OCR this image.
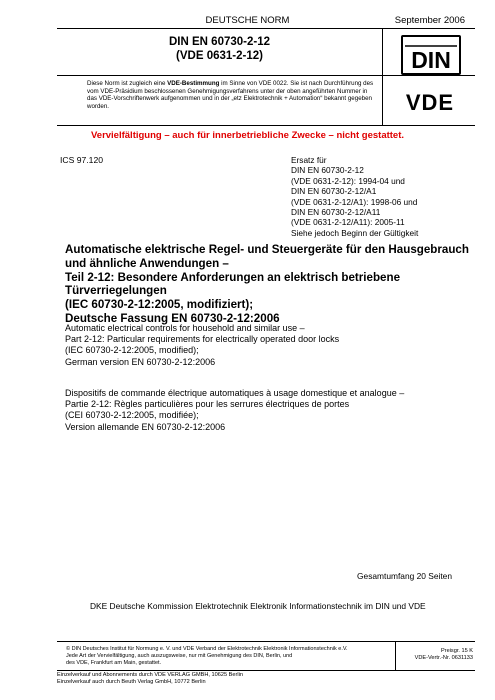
DEUTSCHE NORM	September 2006
DIN EN 60730-2-12
(VDE 0631-2-12)
Diese Norm ist zugleich eine VDE-Bestimmung im Sinne von VDE 0022. Sie ist nach Durchführung des vom VDE-Präsidium beschlossenen Genehmigungsverfahrens unter der oben angeführten Nummer in das VDE-Vorschriftenwerk aufgenommen und in der „etz Elektrotechnik + Automation“ bekannt gegeben worden.
DIN
VDE
Vervielfältigung – auch für innerbetriebliche Zwecke – nicht gestattet.
ICS 97.120	Ersatz für
DIN EN 60730-2-12
(VDE 0631-2-12): 1994-04 und
DIN EN 60730-2-12/A1
(VDE 0631-2-12/A1): 1998-06 und
DIN EN 60730-2-12/A11
(VDE 0631-2-12/A11): 2005-11
Siehe jedoch Beginn der Gültigkeit
Automatische elektrische Regel- und Steuergeräte für den Hausgebrauch
und ähnliche Anwendungen –
Teil 2-12: Besondere Anforderungen an elektrisch betriebene
Türverriegelungen
(IEC 60730-2-12:2005, modifiziert);
Deutsche Fassung EN 60730-2-12:2006
Automatic electrical controls for household and similar use –
Part 2-12: Particular requirements for electrically operated door locks
(IEC 60730-2-12:2005, modified);
German version EN 60730-2-12:2006
Dispositifs de commande électrique automatiques à usage domestique et analogue –
Partie 2-12: Règles particulières pour les serrures électriques de portes
(CEI 60730-2-12:2005, modifiée);
Version allemande EN 60730-2-12:2006
Gesamtumfang 20 Seiten
DKE Deutsche Kommission Elektrotechnik Elektronik Informationstechnik im DIN und VDE
© DIN Deutsches Institut für Normung e. V. und VDE Verband der Elektrotechnik Elektronik Informationstechnik e.V.
Jede Art der Vervielfältigung, auch auszugsweise, nur mit Genehmigung des DIN, Berlin, und
des VDE, Frankfurt am Main, gestattet.
Preisgr. 15 K
VDE-Vertr.-Nr. 0631133
Einzelverkauf und Abonnements durch VDE VERLAG GMBH, 10625 Berlin
Einzelverkauf auch durch Beuth Verlag GmbH, 10772 Berlin
